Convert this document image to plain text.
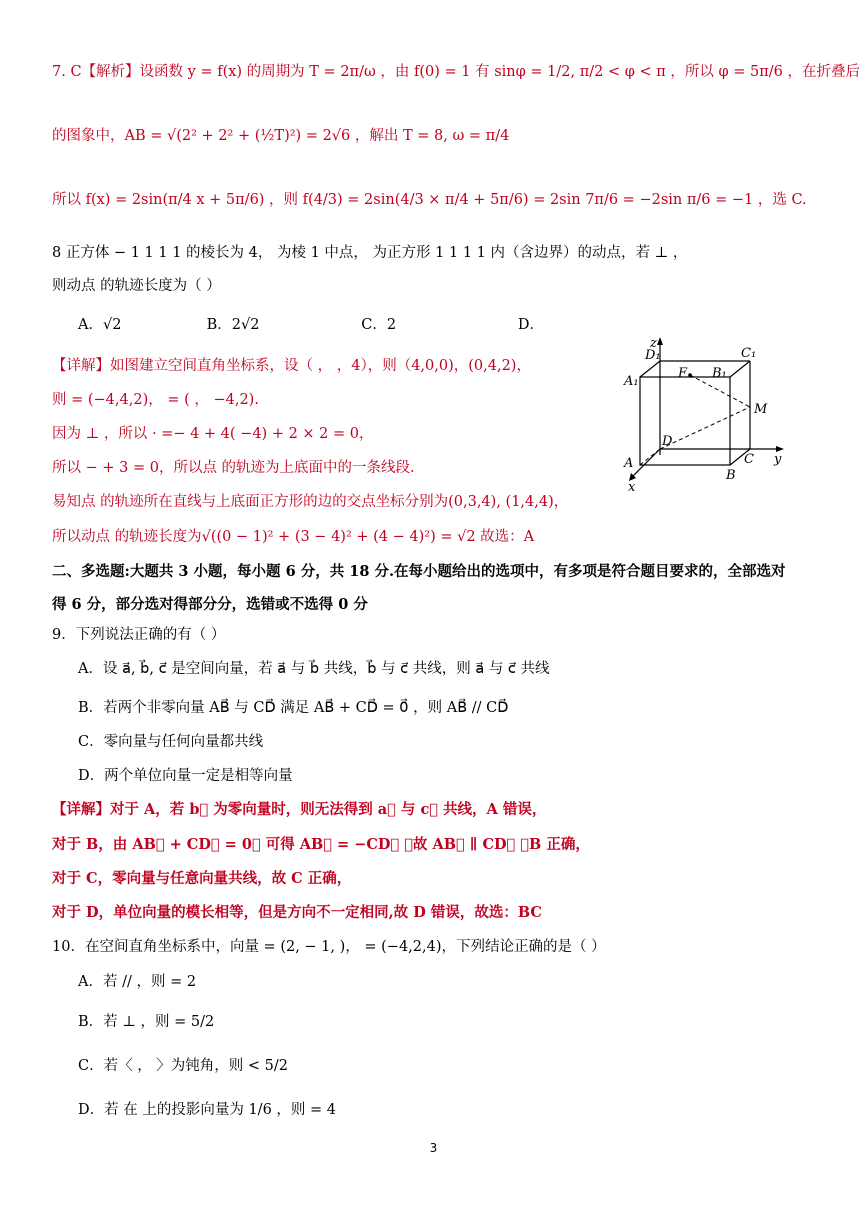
7. C【解析】设函数 y = f(x) 的周期为 T = 2π/ω ，由 f(0) = 1 有 sinφ = 1/2, π/2 < φ < π ，所以 φ = 5π/6 ，在折叠后
的图象中，AB = √(2² + 2² + (½T)²) = 2√6 ，解出 T = 8, ω = π/4
所以 f(x) = 2sin(π/4 x + 5π/6) ，则 f(4/3) = 2sin(4/3 × π/4 + 5π/6) = 2sin 7π/6 = −2sin π/6 = −1 ，选 C.
8 正方体 − 1 1 1 1 的棱长为 4， 为棱 1 中点， 为正方形 1 1 1 1 内（含边界）的动点，若 ⊥ ，
则动点 的轨迹长度为（ ）
A．√2	B．2√2	C．2	D．
【详解】如图建立空间直角坐标系，设（ ， ，4），则（4,0,0)，(0,4,2)，
则 = (−4,4,2)， = ( ， −4,2).
因为 ⊥ ，所以 · =− 4 + 4( −4) + 2 × 2 = 0，
所以 − + 3 = 0，所以点 的轨迹为上底面中的一条线段.
易知点 的轨迹所在直线与上底面正方形的边的交点坐标分别为(0,3,4), (1,4,4)，
所以动点 的轨迹长度为√((0 − 1)² + (3 − 4)² + (4 − 4)²) = √2 故选：A
z
D₁	C₁
A₁
F B₁
M
D
C y
A
B
x
二、多选题:大题共 3 小题，每小题 6 分，共 18 分.在每小题给出的选项中，有多项是符合题目要求的，全部选对
得 6 分，部分选对得部分分，选错或不选得 0 分
9．下列说法正确的有（ ）
A．设 a⃗, b⃗, c⃗ 是空间向量，若 a⃗ 与 b⃗ 共线，b⃗ 与 c⃗ 共线，则 a⃗ 与 c⃗ 共线
B．若两个非零向量 AB⃗ 与 CD⃗ 满足 AB⃗ + CD⃗ = 0⃗ ，则 AB⃗ // CD⃗
C．零向量与任何向量都共线
D．两个单位向量一定是相等向量
【详解】对于 A，若 b⃗ 为零向量时，则无法得到 a⃗ 与 c⃗ 共线，A 错误，
对于 B，由 AB⃗ + CD⃗ = 0⃗ 可得 AB⃗ = −CD⃗ ，故 AB⃗ ∥ CD⃗ ，B 正确，
对于 C，零向量与任意向量共线，故 C 正确，
对于 D，单位向量的模长相等，但是方向不一定相同,故 D 错误，故选：BC
10．在空间直角坐标系中，向量 = (2, − 1, )， = (−4,2,4)，下列结论正确的是（ ）
A．若 // ，则 = 2
B．若 ⊥ ，则 = 5/2
C．若〈 ， 〉为钝角，则 < 5/2
D．若 在 上的投影向量为 1/6 ，则 = 4
3
